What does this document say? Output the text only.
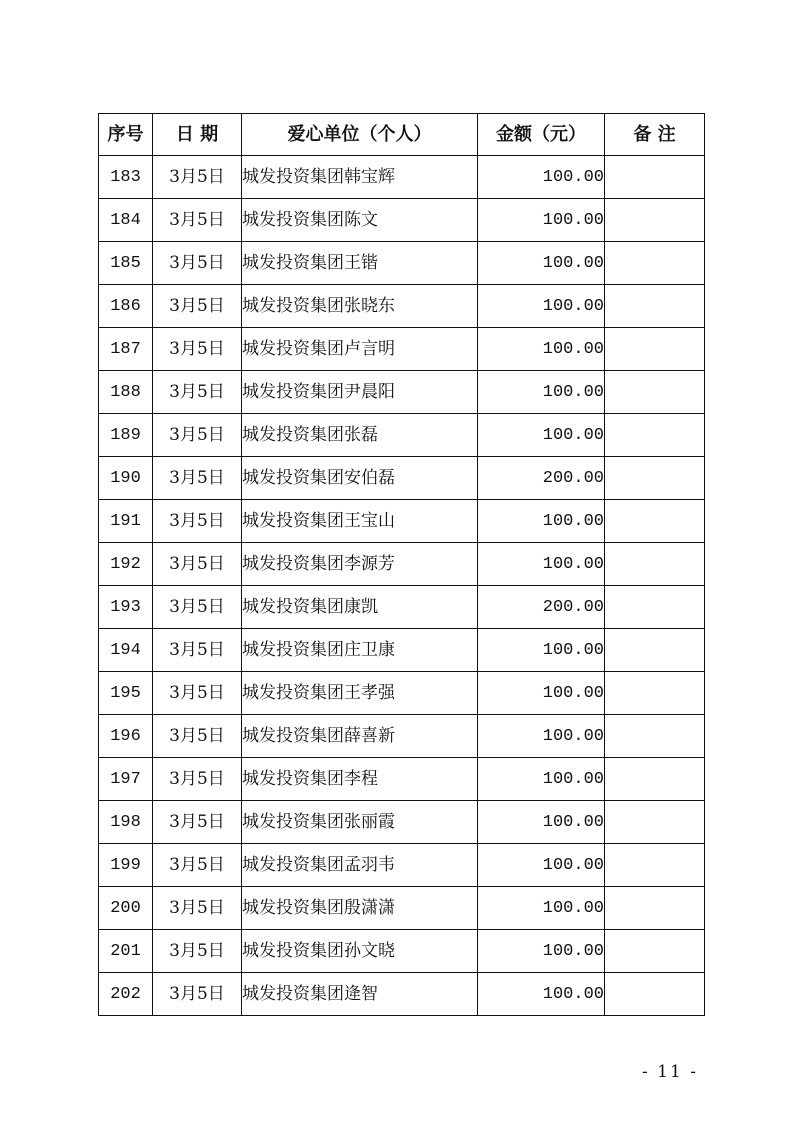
序号	日 期	爱心单位（个人）	金额（元）	备 注
183	3月5日	城发投资集团韩宝辉	100.00	
184	3月5日	城发投资集团陈文	100.00	
185	3月5日	城发投资集团王锴	100.00	
186	3月5日	城发投资集团张晓东	100.00	
187	3月5日	城发投资集团卢言明	100.00	
188	3月5日	城发投资集团尹晨阳	100.00	
189	3月5日	城发投资集团张磊	100.00	
190	3月5日	城发投资集团安伯磊	200.00	
191	3月5日	城发投资集团王宝山	100.00	
192	3月5日	城发投资集团李源芳	100.00	
193	3月5日	城发投资集团康凯	200.00	
194	3月5日	城发投资集团庄卫康	100.00	
195	3月5日	城发投资集团王孝强	100.00	
196	3月5日	城发投资集团薛喜新	100.00	
197	3月5日	城发投资集团李程	100.00	
198	3月5日	城发投资集团张丽霞	100.00	
199	3月5日	城发投资集团孟羽韦	100.00	
200	3月5日	城发投资集团殷潇潇	100.00	
201	3月5日	城发投资集团孙文晓	100.00	
202	3月5日	城发投资集团逄智	100.00	
- 11 -
